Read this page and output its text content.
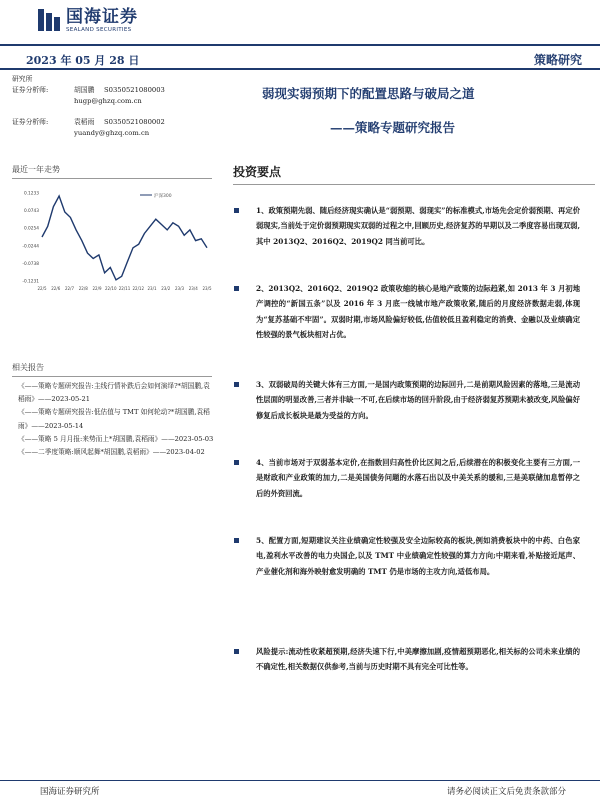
国海证券
SEALAND SECURITIES
2023 年 05 月 28 日	策略研究
研究所
证券分析师:	胡国鹏	S0350521080003
hugp@ghzq.com.cn
证券分析师:	袁稻雨	S0350521080002
yuandy@ghzq.com.cn
最近一年走势
0.1233
0.0743
0.0254
-0.0244
-0.0738
-0.1231
22/5 22/6 22/7 22/8 22/9 22/10 22/11 22/12 23/1 23/2 23/3 23/4 23/5
沪深300
相关报告
《——策略专题研究报告:主线行情补跌后会如何演绎?*胡国鹏,袁稻雨》——2023-05-21
《——策略专题研究报告:低估值与 TMT 如何轮动?*胡国鹏,袁稻雨》——2023-05-14
《——策略 5 月月报:来势而上*胡国鹏,袁稻雨》——2023-05-03
《——二季度策略:顺风起舞*胡国鹏,袁稻雨》——2023-04-02
弱现实弱预期下的配置思路与破局之道
——策略专题研究报告
投资要点

1、政策预期先弱、随后经济现实确认是“弱预期、弱现实”的标准模式,市场先会定价弱预期、再定价弱现实,当前处于定价弱预期现实双弱的过程之中,回顾历史,经济复苏的早期以及二季度容易出现双弱,其中 2013Q2、2016Q2、2019Q2 同当前可比。

2、2013Q2、2016Q2、2019Q2 政策收缩的核心是地产政策的边际趋紧,如 2013 年 3 月初地产调控的“新国五条”以及 2016 年 3 月底一线城市地产政策收紧,随后的月度经济数据走弱,体现为“复苏基础不牢固”。双弱时期,市场风险偏好较低,估值较低且盈利稳定的消费、金融以及业绩确定性较强的景气板块相对占优。

3、双弱破局的关键大体有三方面,一是国内政策预期的边际回升,二是前期风险因素的落地,三是流动性层面的明显改善,三者并非缺一不可,在后续市场的回升阶段,由于经济弱复苏预期未被改变,风险偏好修复后成长板块是最为受益的方向。

4、当前市场对于双弱基本定价,在指数回归高性价比区间之后,后续潜在的积极变化主要有三方面,一是财政和产业政策的加力,二是美国债务问题的水落石出以及中美关系的缓和,三是美联储加息暂停之后的外资回流。

5、配置方面,短期建议关注业绩确定性较强及安全边际较高的板块,例如消费板块中的中药、白色家电,盈利水平改善的电力央国企,以及 TMT 中业绩确定性较强的算力方向;中期来看,补贴接近尾声、产业催化剂和海外映射愈发明确的 TMT 仍是市场的主攻方向,适低布局。

风险提示:流动性收紧超预期,经济失速下行,中美摩擦加剧,疫情超预期恶化,相关标的公司未来业绩的不确定性,相关数据仅供参考,当前与历史时期不具有完全可比性等。

国海证券研究所	请务必阅读正文后免责条款部分
